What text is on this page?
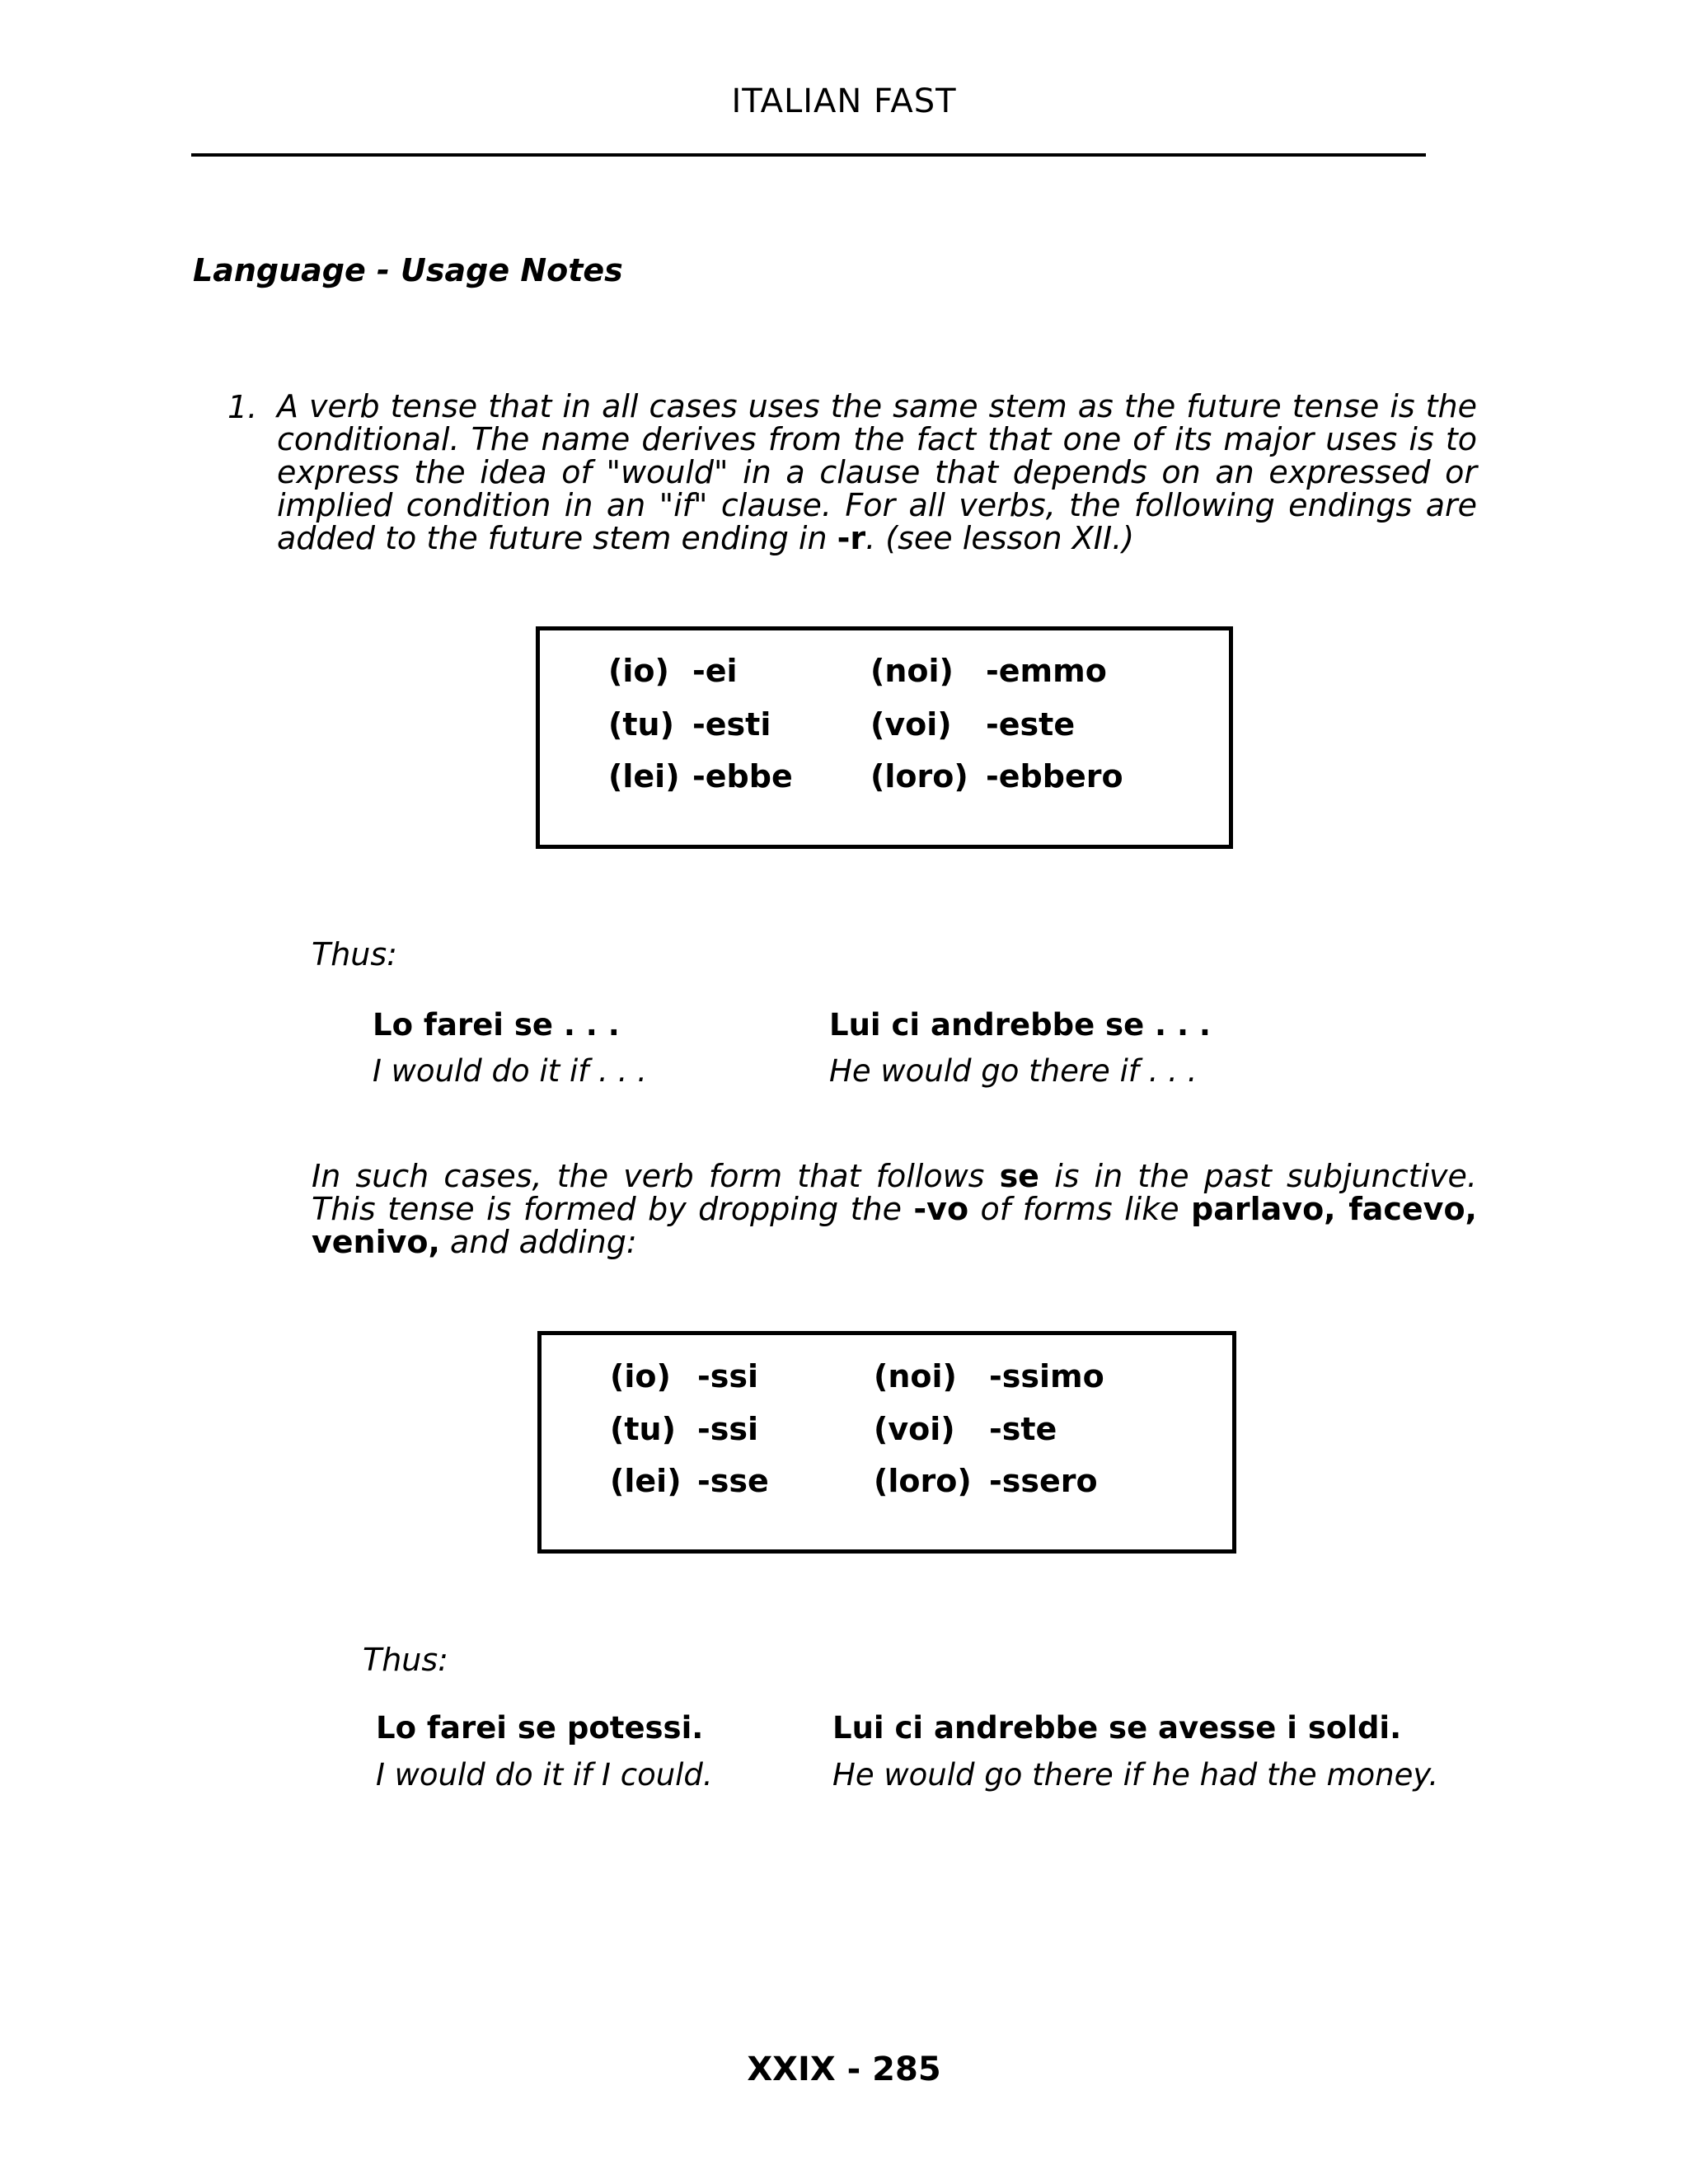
ITALIAN FAST
Language - Usage Notes
1. A verb tense that in all cases uses the same stem as the future tense is the conditional. The name derives from the fact that one of its major uses is to express the idea of "would" in a clause that depends on an expressed or implied condition in an "if" clause. For all verbs, the following endings are added to the future stem ending in -r. (see lesson XII.)

(io) -ei
(tu) -esti
(lei) -ebbe
(noi) -emmo
(voi) -este
(loro) -ebbero
Thus:
Lo farei se . . .
I would do it if . . .
Lui ci andrebbe se . . .
He would go there if . . .

In such cases, the verb form that follows se is in the past subjunctive. This tense is formed by dropping the -vo of forms like parlavo, facevo, venivo, and adding:

(io) -ssi
(tu) -ssi
(lei) -sse
(noi) -ssimo
(voi) -ste
(loro) -ssero
Thus:
Lo farei se potessi.
I would do it if I could.
Lui ci andrebbe se avesse i soldi.
He would go there if he had the money.
XXIX - 285
